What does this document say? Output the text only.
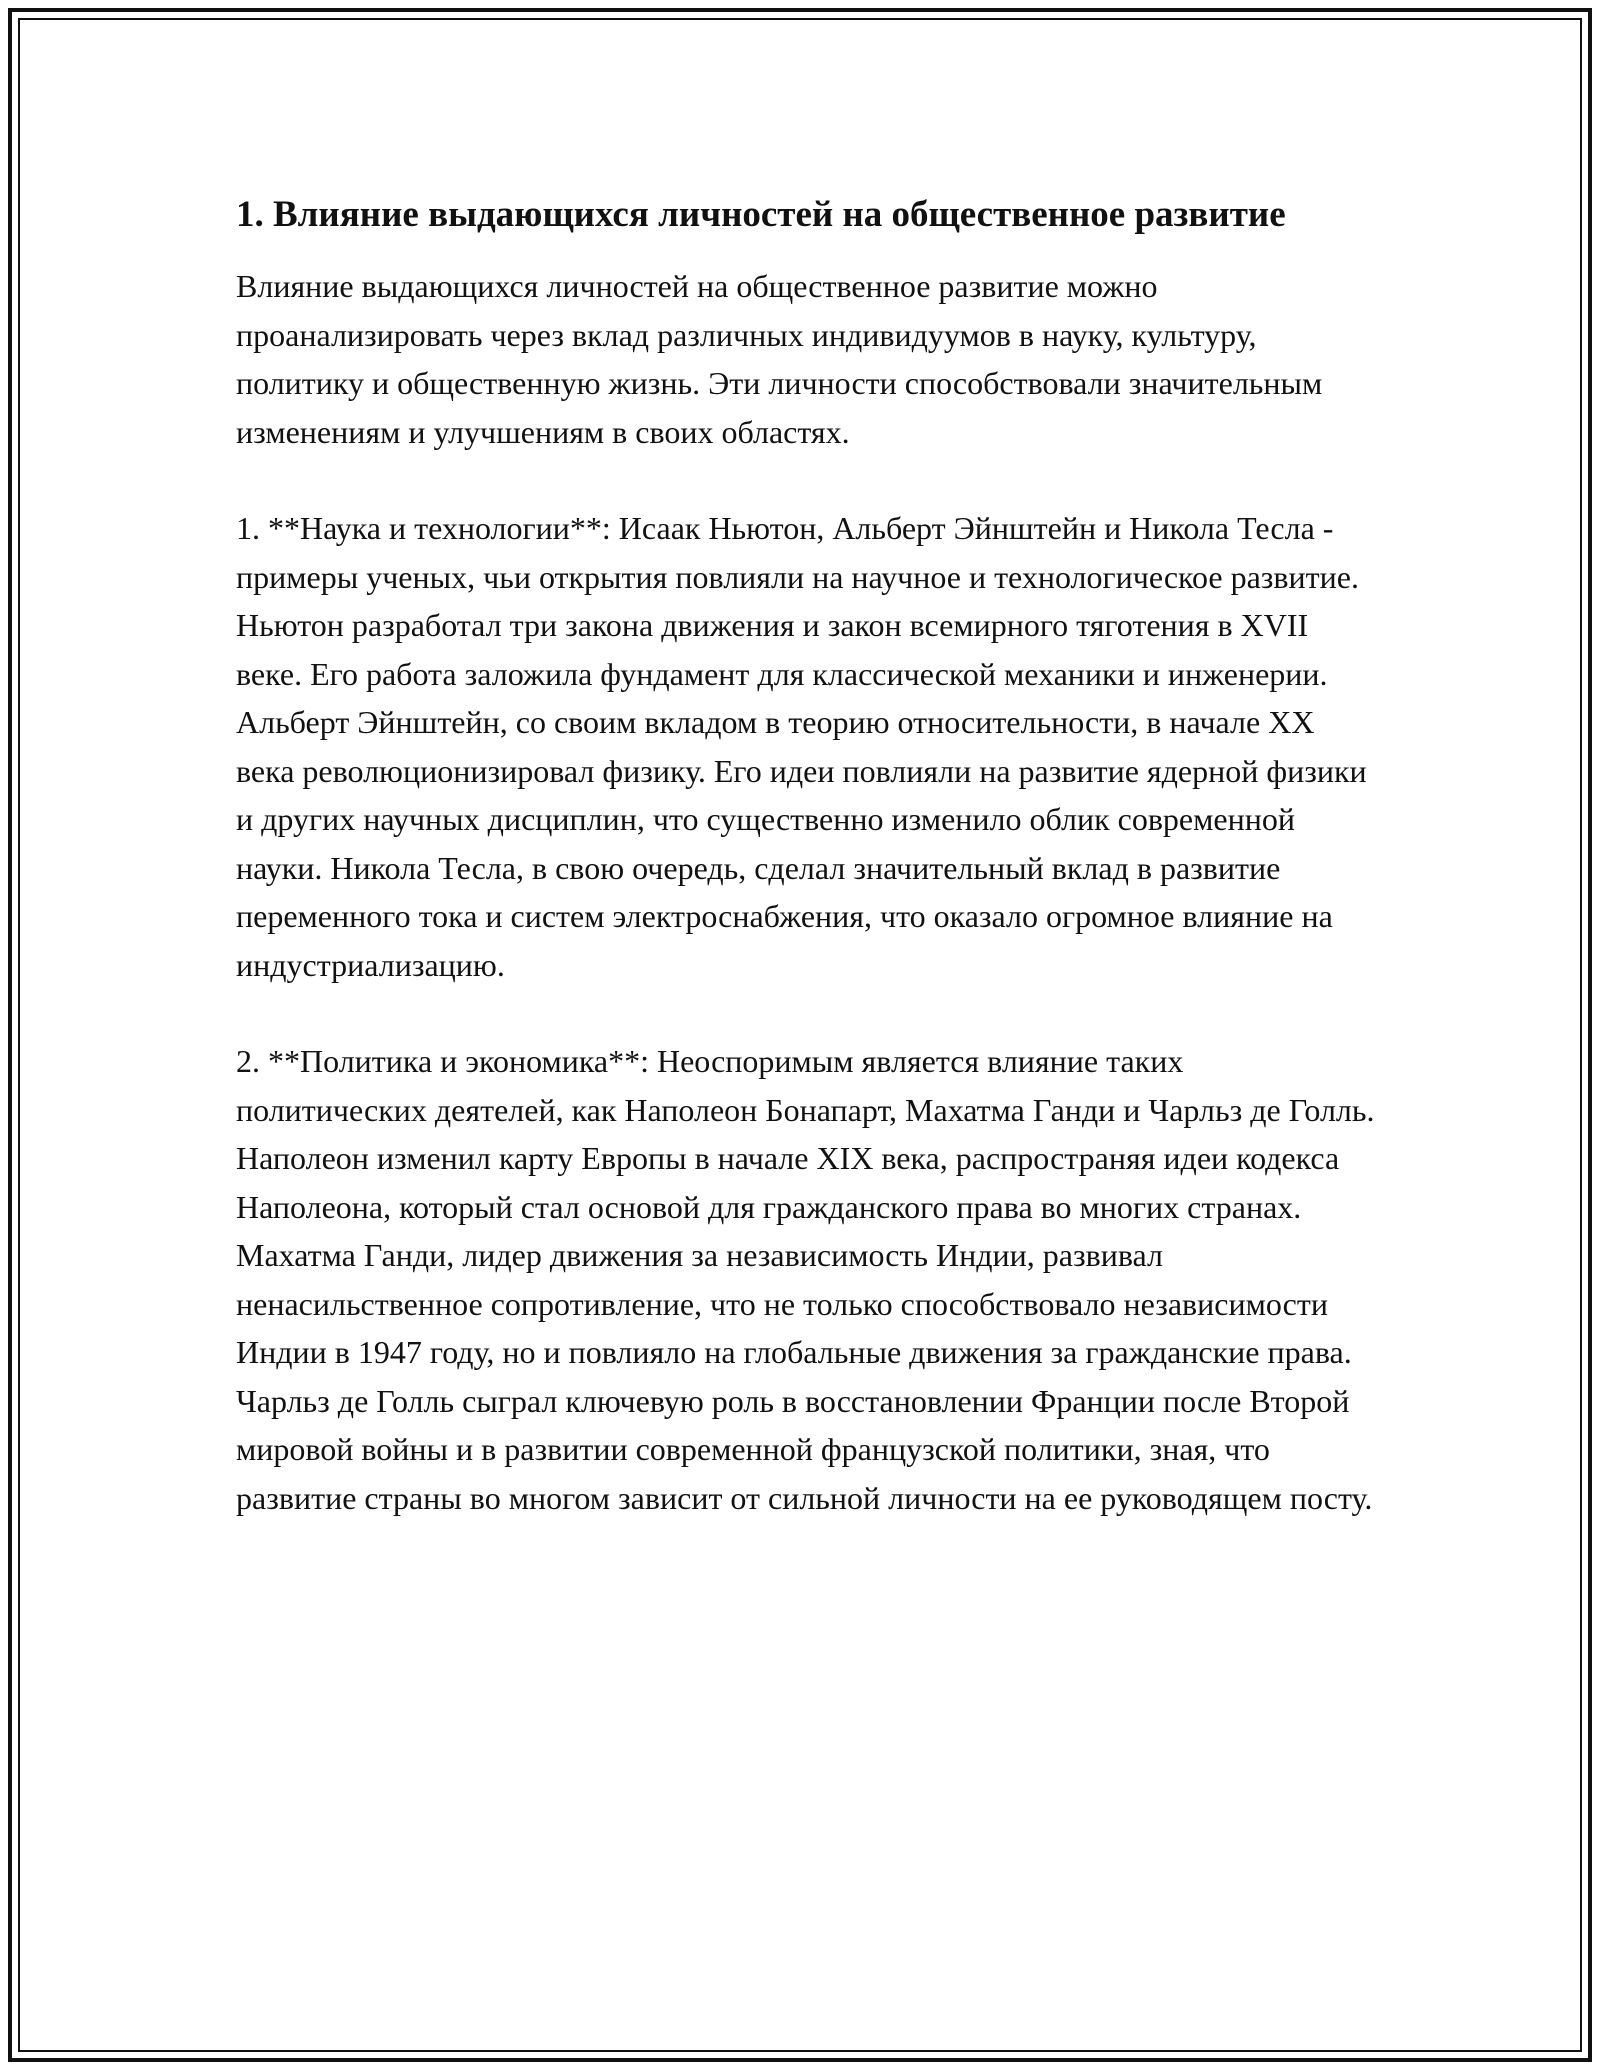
1. Влияние выдающихся личностей на общественное развитие

Влияние выдающихся личностей на общественное развитие можно проанализировать через вклад различных индивидуумов в науку, культуру, политику и общественную жизнь. Эти личности способствовали значительным изменениям и улучшениям в своих областях.

1. **Наука и технологии**: Исаак Ньютон, Альберт Эйнштейн и Никола Тесла - примеры ученых, чьи открытия повлияли на научное и технологическое развитие. Ньютон разработал три закона движения и закон всемирного тяготения в XVII веке. Его работа заложила фундамент для классической механики и инженерии. Альберт Эйнштейн, со своим вкладом в теорию относительности, в начале XX века революционизировал физику. Его идеи повлияли на развитие ядерной физики и других научных дисциплин, что существенно изменило облик современной науки. Никола Тесла, в свою очередь, сделал значительный вклад в развитие переменного тока и систем электроснабжения, что оказало огромное влияние на индустриализацию.

2. **Политика и экономика**: Неоспоримым является влияние таких политических деятелей, как Наполеон Бонапарт, Махатма Ганди и Чарльз де Голль. Наполеон изменил карту Европы в начале XIX века, распространяя идеи кодекса Наполеона, который стал основой для гражданского права во многих странах. Махатма Ганди, лидер движения за независимость Индии, развивал ненасильственное сопротивление, что не только способствовало независимости Индии в 1947 году, но и повлияло на глобальные движения за гражданские права. Чарльз де Голль сыграл ключевую роль в восстановлении Франции после Второй мировой войны и в развитии современной французской политики, зная, что развитие страны во многом зависит от сильной личности на ее руководящем посту.
